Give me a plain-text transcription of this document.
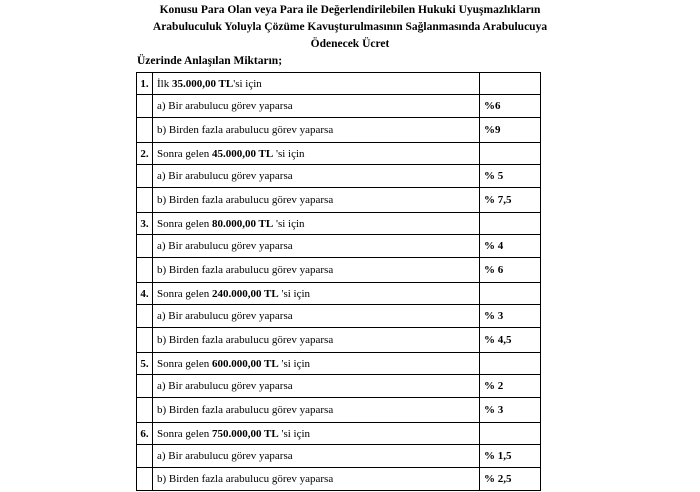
Konusu Para Olan veya Para ile Değerlendirilebilen Hukuki Uyuşmazlıkların
Arabuluculuk Yoluyla Çözüme Kavuşturulmasının Sağlanmasında Arabulucuya
Ödenecek Ücret
Üzerinde Anlaşılan Miktarın;
1.	İlk 35.000,00 TL'si için	
	a) Bir arabulucu görev yaparsa	%6
	b) Birden fazla arabulucu görev yaparsa	%9
2.	Sonra gelen 45.000,00 TL 'si için	
	a) Bir arabulucu görev yaparsa	% 5
	b) Birden fazla arabulucu görev yaparsa	% 7,5
3.	Sonra gelen 80.000,00 TL 'si için	
	a) Bir arabulucu görev yaparsa	% 4
	b) Birden fazla arabulucu görev yaparsa	% 6
4.	Sonra gelen 240.000,00 TL 'si için	
	a) Bir arabulucu görev yaparsa	% 3
	b) Birden fazla arabulucu görev yaparsa	% 4,5
5.	Sonra gelen 600.000,00 TL 'si için	
	a) Bir arabulucu görev yaparsa	% 2
	b) Birden fazla arabulucu görev yaparsa	% 3
6.	Sonra gelen 750.000,00 TL 'si için	
	a) Bir arabulucu görev yaparsa	% 1,5
	b) Birden fazla arabulucu görev yaparsa	% 2,5
